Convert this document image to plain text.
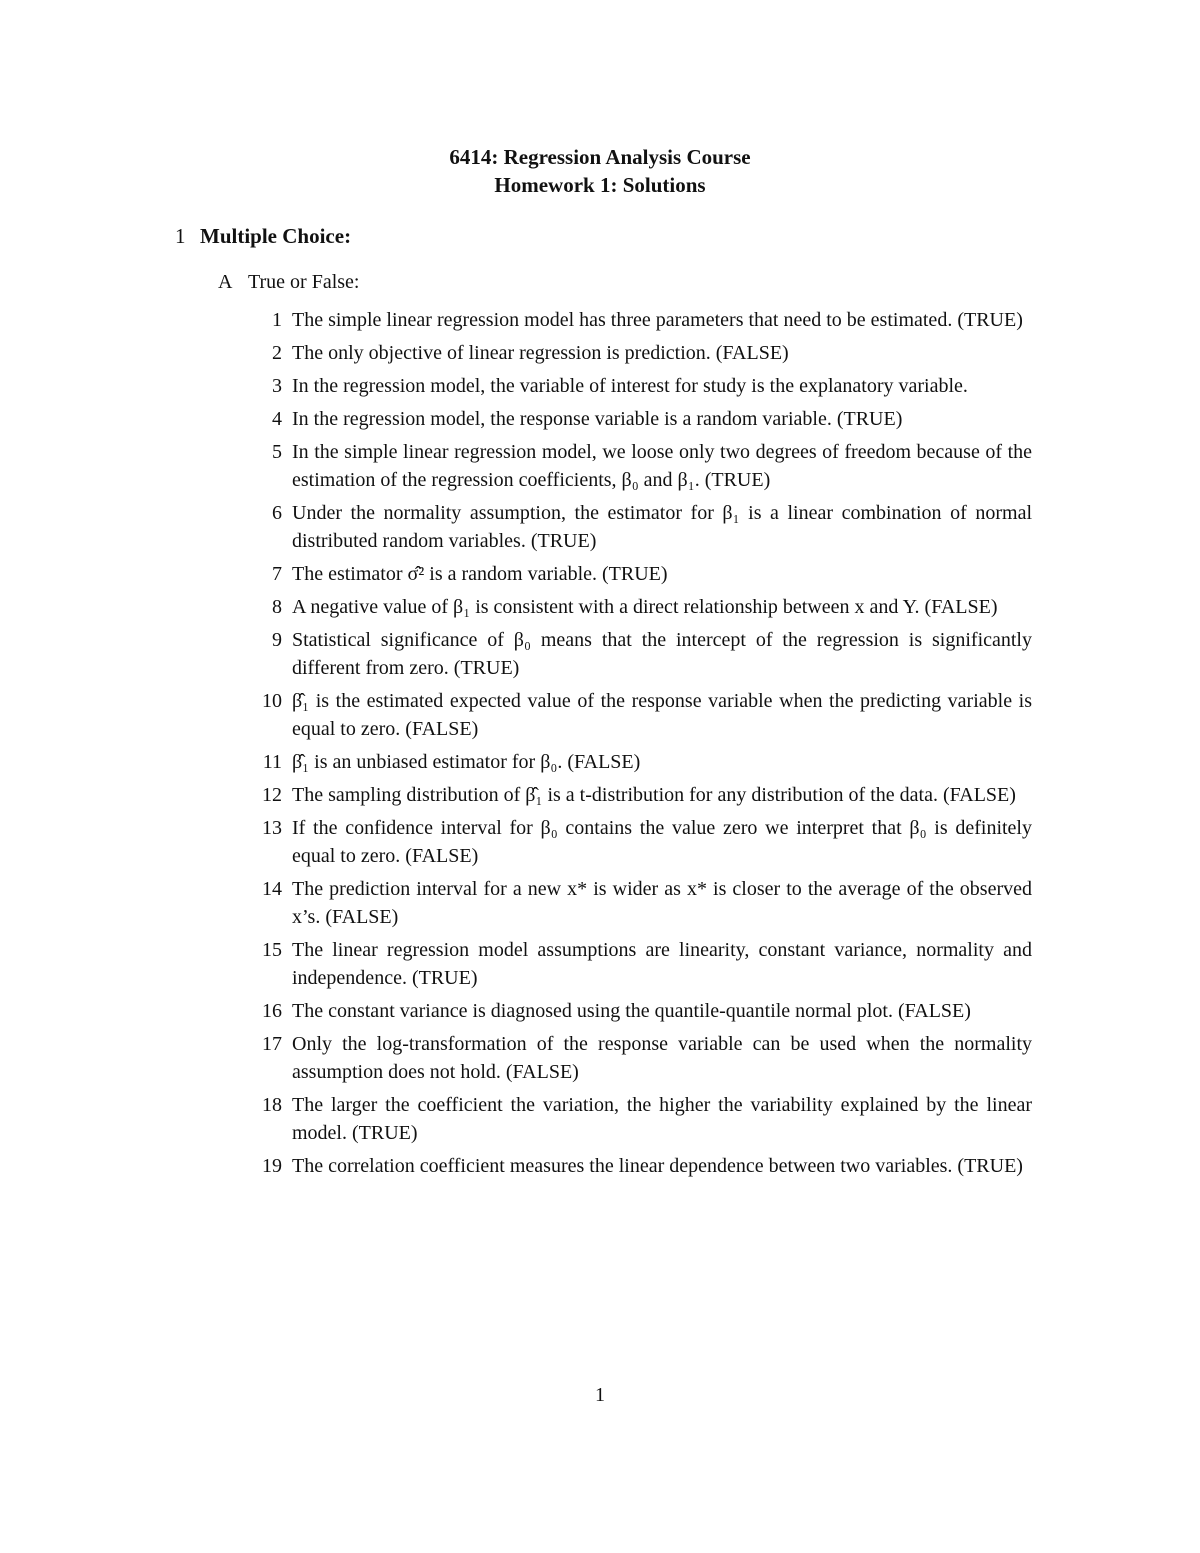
6414: Regression Analysis Course
Homework 1: Solutions
1 Multiple Choice:
A True or False:
1 The simple linear regression model has three parameters that need to be estimated. (TRUE)
2 The only objective of linear regression is prediction. (FALSE)
3 In the regression model, the variable of interest for study is the explanatory variable.
4 In the regression model, the response variable is a random variable. (TRUE)
5 In the simple linear regression model, we loose only two degrees of freedom because of the estimation of the regression coefficients, β₀ and β₁. (TRUE)
6 Under the normality assumption, the estimator for β₁ is a linear combination of normal distributed random variables. (TRUE)
7 The estimator σ̂² is a random variable. (TRUE)
8 A negative value of β₁ is consistent with a direct relationship between x and Y. (FALSE)
9 Statistical significance of β₀ means that the intercept of the regression is significantly different from zero. (TRUE)
10 β̂₁ is the estimated expected value of the response variable when the predicting variable is equal to zero. (FALSE)
11 β̂₁ is an unbiased estimator for β₀. (FALSE)
12 The sampling distribution of β̂₁ is a t-distribution for any distribution of the data. (FALSE)
13 If the confidence interval for β₀ contains the value zero we interpret that β₀ is definitely equal to zero. (FALSE)
14 The prediction interval for a new x* is wider as x* is closer to the average of the observed x’s. (FALSE)
15 The linear regression model assumptions are linearity, constant variance, normality and independence. (TRUE)
16 The constant variance is diagnosed using the quantile-quantile normal plot. (FALSE)
17 Only the log-transformation of the response variable can be used when the normality assumption does not hold. (FALSE)
18 The larger the coefficient the variation, the higher the variability explained by the linear model. (TRUE)
19 The correlation coefficient measures the linear dependence between two variables. (TRUE)
1
